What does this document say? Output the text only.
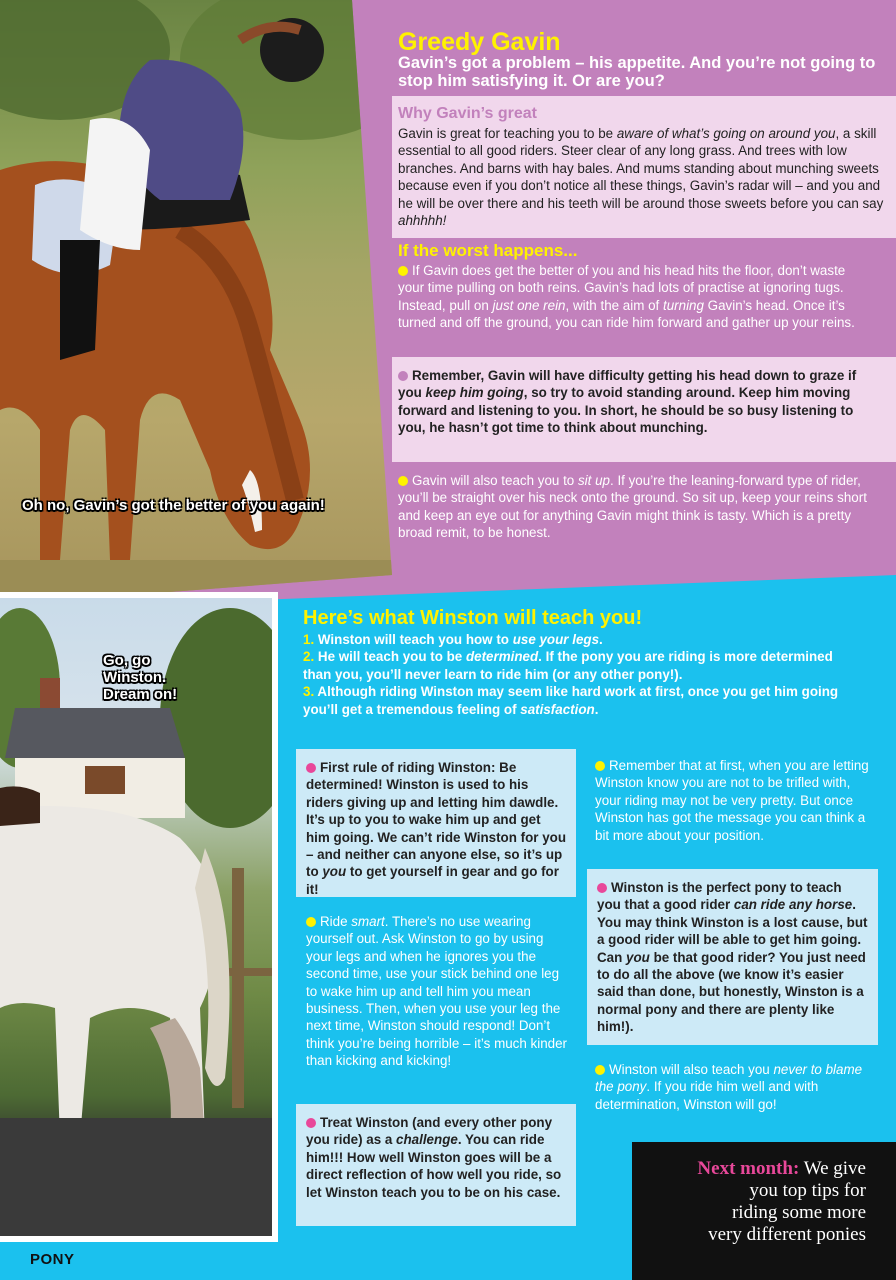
Oh no, Gavin’s got the better of you again!
Greedy Gavin
Gavin’s got a problem – his appetite. And you’re not going to stop him satisfying it. Or are you?
Why Gavin’s great
Gavin is great for teaching you to be aware of what’s going on around you, a skill essential to all good riders. Steer clear of any long grass. And trees with low branches. And barns with hay bales. And mums standing about munching sweets because even if you don’t notice all these things, Gavin’s radar will – and you and he will be over there and his teeth will be around those sweets before you can say ahhhhh!
If the worst happens...
If Gavin does get the better of you and his head hits the floor, don’t waste your time pulling on both reins. Gavin’s had lots of practise at ignoring tugs. Instead, pull on just one rein, with the aim of turning Gavin’s head. Once it’s turned and off the ground, you can ride him forward and gather up your reins.
Remember, Gavin will have difficulty getting his head down to graze if you keep him going, so try to avoid standing around. Keep him moving forward and listening to you. In short, he should be so busy listening to you, he hasn’t got time to think about munching.
Gavin will also teach you to sit up. If you’re the leaning-forward type of rider, you’ll be straight over his neck onto the ground. So sit up, keep your reins short and keep an eye out for anything Gavin might think is tasty. Which is a pretty broad remit, to be honest.
Go, go Winston. Dream on!
Here’s what Winston will teach you!
1. Winston will teach you how to use your legs.
2. He will teach you to be determined. If the pony you are riding is more determined than you, you’ll never learn to ride him (or any other pony!).
3. Although riding Winston may seem like hard work at first, once you get him going you’ll get a tremendous feeling of satisfaction.
First rule of riding Winston: Be determined! Winston is used to his riders giving up and letting him dawdle. It’s up to you to wake him up and get him going. We can’t ride Winston for you – and neither can anyone else, so it’s up to you to get yourself in gear and go for it!
Ride smart. There’s no use wearing yourself out. Ask Winston to go by using your legs and when he ignores you the second time, use your stick behind one leg to wake him up and tell him you mean business. Then, when you use your leg the next time, Winston should respond! Don’t think you’re being horrible – it’s much kinder than kicking and kicking!
Treat Winston (and every other pony you ride) as a challenge. You can ride him!!! How well Winston goes will be a direct reflection of how well you ride, so let Winston teach you to be on his case.
Remember that at first, when you are letting Winston know you are not to be trifled with, your riding may not be very pretty. But once Winston has got the message you can think a bit more about your position.
Winston is the perfect pony to teach you that a good rider can ride any horse. You may think Winston is a lost cause, but a good rider will be able to get him going. Can you be that good rider? You just need to do all the above (we know it’s easier said than done, but honestly, Winston is a normal pony and there are plenty like him!).
Winston will also teach you never to blame the pony. If you ride him well and with determination, Winston will go!
Next month: We give
you top tips for
riding some more
very different ponies
PONY
